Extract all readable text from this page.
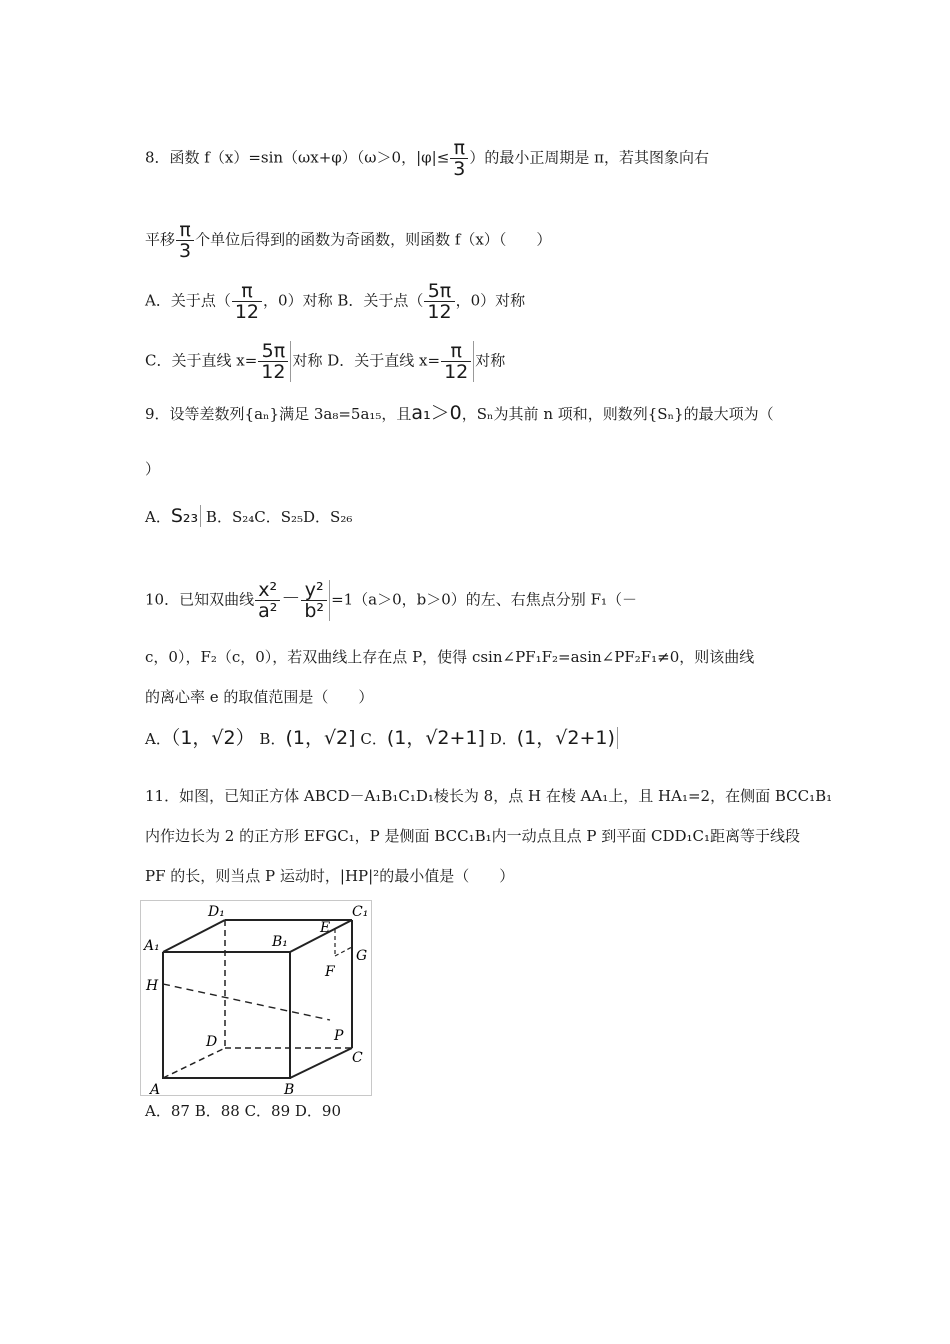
8．函数 f（x）=sin（ωx+φ）（ω＞0，$|\varphi|\le \frac{\pi}{3}$ ）的最小正周期是 π，若其图象向右
平移 $\frac{\pi}{3}$ 个单位后得到的函数为奇函数，则函数 f（x）（　　）
A．关于点（ $\frac{\pi}{12}$ ，0）对称 B．关于点（ $\frac{5\pi}{12}$ ，0）对称
C．关于直线 $x= \frac{5\pi}{12}$ 对称 D．关于直线 $x= \frac{\pi}{12}$ 对称
9．设等差数列{aₙ}满足 3a₈=5a₁₅，且a₁＞0，Sₙ为其前 n 项和，则数列{Sₙ}的最大项为（
）
A．S₂₃ B．S₂₄C．S₂₅D．S₂₆
10．已知双曲线 $\frac{\text{x²}}{\text{a²}} - \frac{\text{y²}}{\text{b²}} =1(a>0$，b＞0）的左、右焦点分别 F₁（－
c，0），F₂（c，0），若双曲线上存在点 P，使得 csin∠PF₁F₂=asin∠PF₂F₁≠0，则该曲线
的离心率 e 的取值范围是（　　）
A．（1，√2） B．(1，√2] C．(1，√2+1] D．(1，√2+1)
11．如图，已知正方体 ABCD－A₁B₁C₁D₁棱长为 8，点 H 在棱 AA₁上，且 HA₁=2，在侧面 BCC₁B₁
内作边长为 2 的正方形 EFGC₁，P 是侧面 BCC₁B₁内一动点且点 P 到平面 CDD₁C₁距离等于线段
PF 的长，则当点 P 运动时，|HP|²的最小值是（　　）
D₁	C₁
A₁	B₁
E
G
F
H
P
D
C
A	B
A．87 B．88 C．89 D．90
